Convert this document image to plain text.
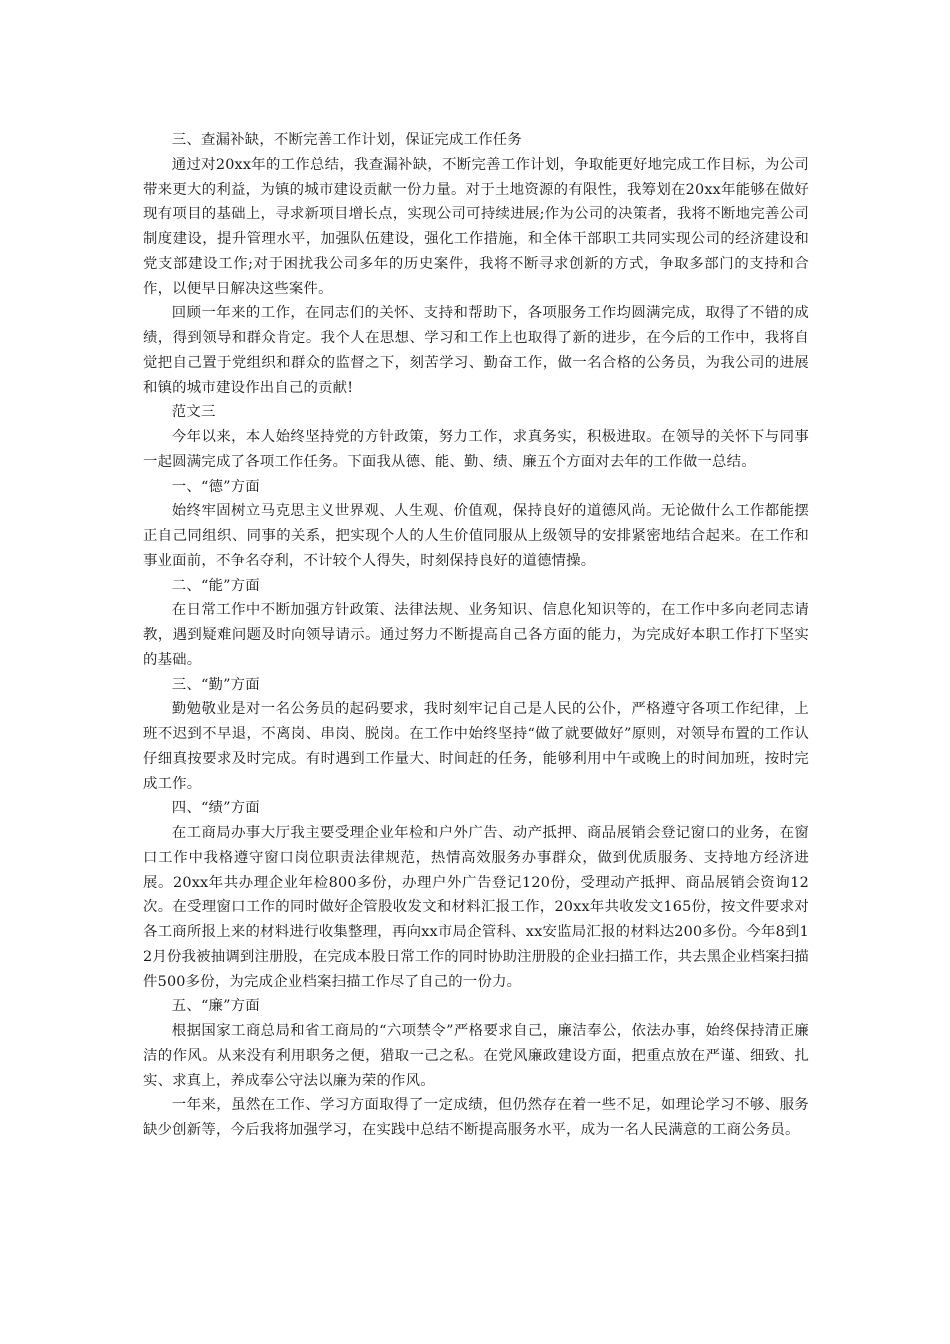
三、查漏补缺，不断完善工作计划，保证完成工作任务

通过对20xx年的工作总结，我查漏补缺，不断完善工作计划，争取能更好地完成工作目标，为公司带来更大的利益，为镇的城市建设贡献一份力量。对于土地资源的有限性，我筹划在20xx年能够在做好现有项目的基础上，寻求新项目增长点，实现公司可持续进展;作为公司的决策者，我将不断地完善公司制度建设，提升管理水平，加强队伍建设，强化工作措施，和全体干部职工共同实现公司的经济建设和党支部建设工作;对于困扰我公司多年的历史案件，我将不断寻求创新的方式，争取多部门的支持和合作，以便早日解决这些案件。

回顾一年来的工作，在同志们的关怀、支持和帮助下，各项服务工作均圆满完成，取得了不错的成绩，得到领导和群众肯定。我个人在思想、学习和工作上也取得了新的进步，在今后的工作中，我将自觉把自己置于党组织和群众的监督之下，刻苦学习、勤奋工作，做一名合格的公务员，为我公司的进展和镇的城市建设作出自己的贡献!

范文三

今年以来，本人始终坚持党的方针政策，努力工作，求真务实，积极进取。在领导的关怀下与同事一起圆满完成了各项工作任务。下面我从德、能、勤、绩、廉五个方面对去年的工作做一总结。

一、“德”方面

始终牢固树立马克思主义世界观、人生观、价值观，保持良好的道德风尚。无论做什么工作都能摆正自己同组织、同事的关系，把实现个人的人生价值同服从上级领导的安排紧密地结合起来。在工作和事业面前，不争名夺利，不计较个人得失，时刻保持良好的道德情操。

二、“能”方面

在日常工作中不断加强方针政策、法律法规、业务知识、信息化知识等的，在工作中多向老同志请教，遇到疑难问题及时向领导请示。通过努力不断提高自己各方面的能力，为完成好本职工作打下坚实的基础。

三、“勤”方面

勤勉敬业是对一名公务员的起码要求，我时刻牢记自己是人民的公仆，严格遵守各项工作纪律，上班不迟到不早退，不离岗、串岗、脱岗。在工作中始终坚持“做了就要做好”原则，对领导布置的工作认仔细真按要求及时完成。有时遇到工作量大、时间赶的任务，能够利用中午或晚上的时间加班，按时完成工作。

四、“绩”方面

在工商局办事大厅我主要受理企业年检和户外广告、动产抵押、商品展销会登记窗口的业务，在窗口工作中我格遵守窗口岗位职责法律规范，热情高效服务办事群众，做到优质服务、支持地方经济进展。20xx年共办理企业年检800多份，办理户外广告登记120份，受理动产抵押、商品展销会资询12次。在受理窗口工作的同时做好企管股收发文和材料汇报工作，20xx年共收发文165份，按文件要求对各工商所报上来的材料进行收集整理，再向xx市局企管科、xx安监局汇报的材料达200多份。今年8到12月份我被抽调到注册股，在完成本股日常工作的同时协助注册股的企业扫描工作，共去黑企业档案扫描件500多份，为完成企业档案扫描工作尽了自己的一份力。

五、“廉”方面

根据国家工商总局和省工商局的“六项禁令”严格要求自己，廉洁奉公，依法办事，始终保持清正廉洁的作风。从来没有利用职务之便，猎取一己之私。在党风廉政建设方面，把重点放在严谨、细致、扎实、求真上，养成奉公守法以廉为荣的作风。

一年来，虽然在工作、学习方面取得了一定成绩，但仍然存在着一些不足，如理论学习不够、服务缺少创新等，今后我将加强学习，在实践中总结不断提高服务水平，成为一名人民满意的工商公务员。
